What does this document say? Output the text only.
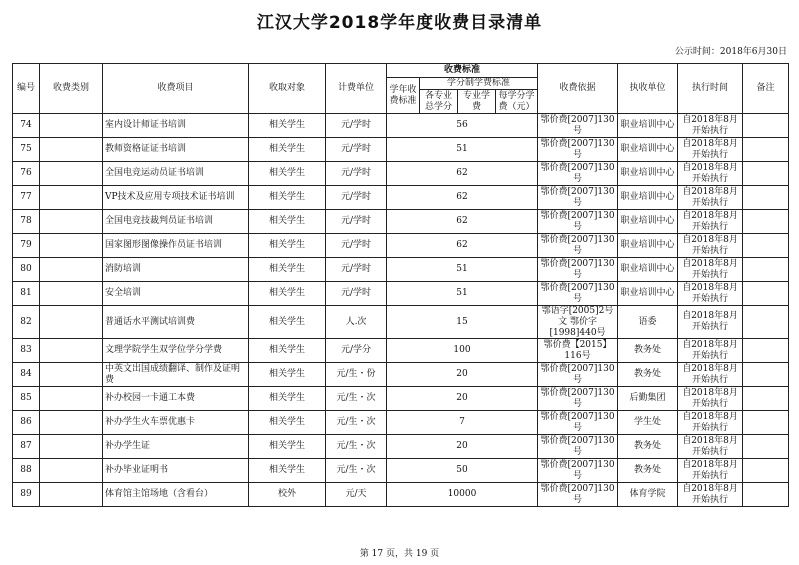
江汉大学2018学年度收费目录清单
公示时间：2018年6月30日
编号	收费类别	收费项目	收取对象	计费单位	收费标准				收费依据	执收单位	执行时间	备注
					学年收费标准	学分制学费标准						
						各专业总学分	专业学费	每学分学费（元）				
74		室内设计师证书培训	相关学生	元/学时	56				鄂价费[2007]130号	职业培训中心	自2018年8月开始执行	
75		教师资格证证书培训	相关学生	元/学时	51				鄂价费[2007]130号	职业培训中心	自2018年8月开始执行	
76		全国电竞运动员证书培训	相关学生	元/学时	62				鄂价费[2007]130号	职业培训中心	自2018年8月开始执行	
77		VP技术及应用专项技术证书培训	相关学生	元/学时	62				鄂价费[2007]130号	职业培训中心	自2018年8月开始执行	
78		全国电竞技裁判员证书培训	相关学生	元/学时	62				鄂价费[2007]130号	职业培训中心	自2018年8月开始执行	
79		国家图形图像操作员证书培训	相关学生	元/学时	62				鄂价费[2007]130号	职业培训中心	自2018年8月开始执行	
80		消防培训	相关学生	元/学时	51				鄂价费[2007]130号	职业培训中心	自2018年8月开始执行	
81		安全培训	相关学生	元/学时	51				鄂价费[2007]130号	职业培训中心	自2018年8月开始执行	
82		普通话水平测试培训费	相关学生	人.次	15				鄂语字[2005]2号文 鄂价字[1998]440号	语委	自2018年8月开始执行	
83		文理学院学生双学位学分学费	相关学生	元/学分	100				鄂价费【2015】116号	教务处	自2018年8月开始执行	
84		中英文出国成绩翻译、制作及证明费	相关学生	元/生・份	20				鄂价费[2007]130号	教务处	自2018年8月开始执行	
85		补办校园一卡通工本费	相关学生	元/生・次	20				鄂价费[2007]130号	后勤集团	自2018年8月开始执行	
86		补办学生火车票优惠卡	相关学生	元/生・次	7				鄂价费[2007]130号	学生处	自2018年8月开始执行	
87		补办学生证	相关学生	元/生・次	20				鄂价费[2007]130号	教务处	自2018年8月开始执行	
88		补办毕业证明书	相关学生	元/生・次	50				鄂价费[2007]130号	教务处	自2018年8月开始执行	
89		体育馆主馆场地（含看台）	校外	元/天	10000				鄂价费[2007]130号	体育学院	自2018年8月开始执行	
第 17 页，共 19 页
